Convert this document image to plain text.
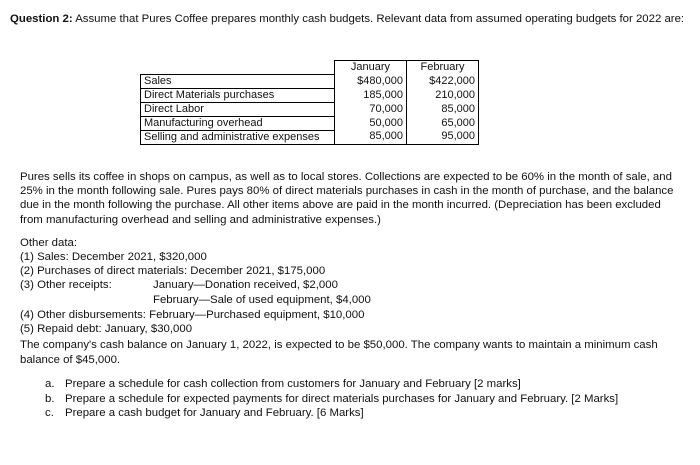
Question 2: Assume that Pures Coffee prepares monthly cash budgets. Relevant data from assumed operating budgets for 2022 are:
	January	February
Sales	$480,000	$422,000
Direct Materials purchases	185,000	210,000
Direct Labor	70,000	85,000
Manufacturing overhead	50,000	65,000
Selling and administrative expenses	85,000	95,000
Pures sells its coffee in shops on campus, as well as to local stores. Collections are expected to be 60% in the month of sale, and 25% in the month following sale. Pures pays 80% of direct materials purchases in cash in the month of purchase, and the balance due in the month following the purchase. All other items above are paid in the month incurred. (Depreciation has been excluded from manufacturing overhead and selling and administrative expenses.)
Other data:
(1) Sales: December 2021, $320,000
(2) Purchases of direct materials: December 2021, $175,000
(3) Other receipts:	January—Donation received, $2,000
February—Sale of used equipment, $4,000
(4) Other disbursements: February—Purchased equipment, $10,000
(5) Repaid debt: January, $30,000
The company's cash balance on January 1, 2022, is expected to be $50,000. The company wants to maintain a minimum cash balance of $45,000.
a. Prepare a schedule for cash collection from customers for January and February [2 marks]
b. Prepare a schedule for expected payments for direct materials purchases for January and February. [2 Marks]
c. Prepare a cash budget for January and February. [6 Marks]
